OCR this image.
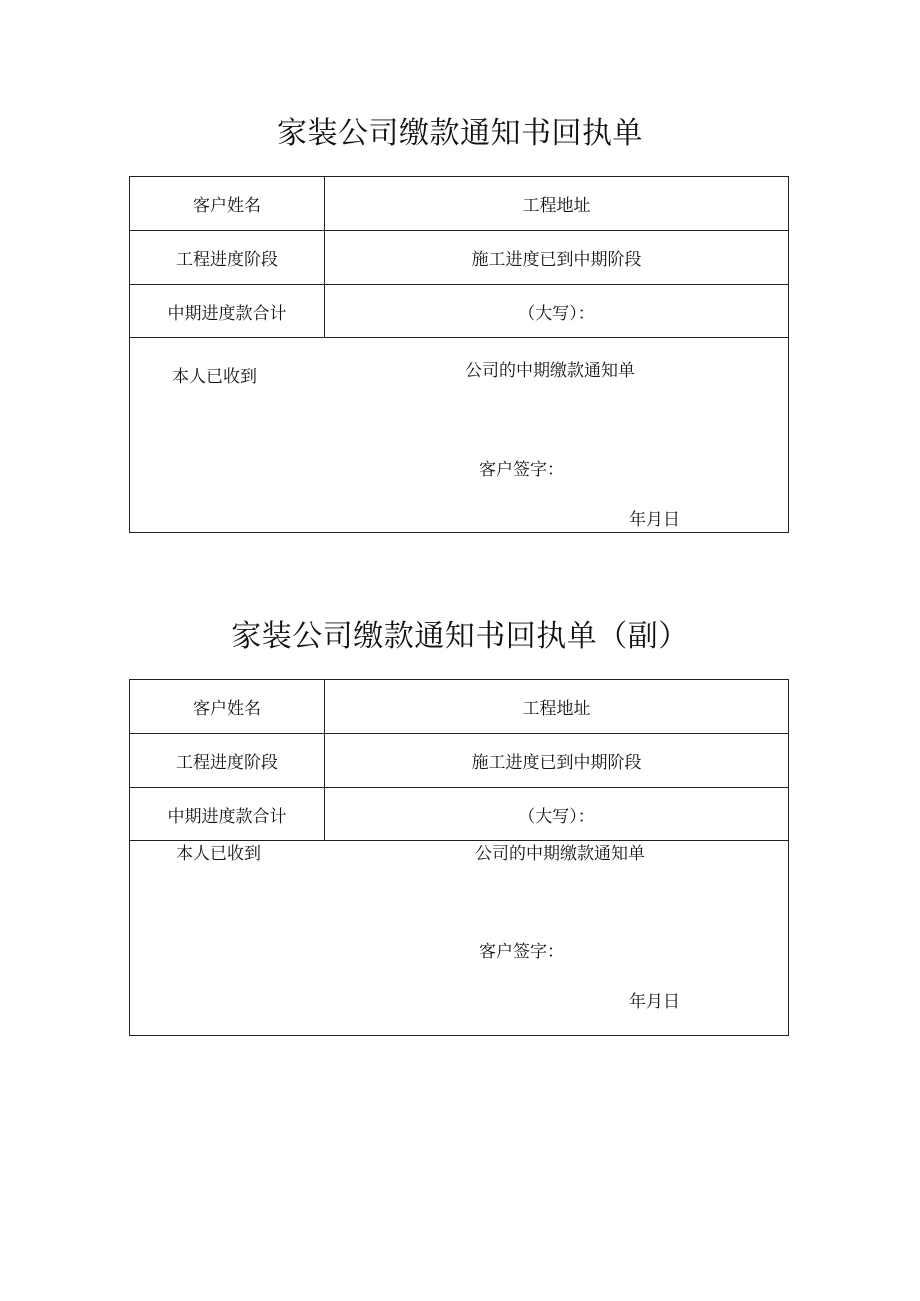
家装公司缴款通知书回执单
客户姓名	工程地址
工程进度阶段	施工进度已到中期阶段
中期进度款合计	（大写）：
本人已收到	公司的中期缴款通知单
客户签字：
年月日
家装公司缴款通知书回执单（副）
客户姓名	工程地址
工程进度阶段	施工进度已到中期阶段
中期进度款合计	（大写）：
本人已收到	公司的中期缴款通知单
客户签字：
年月日
